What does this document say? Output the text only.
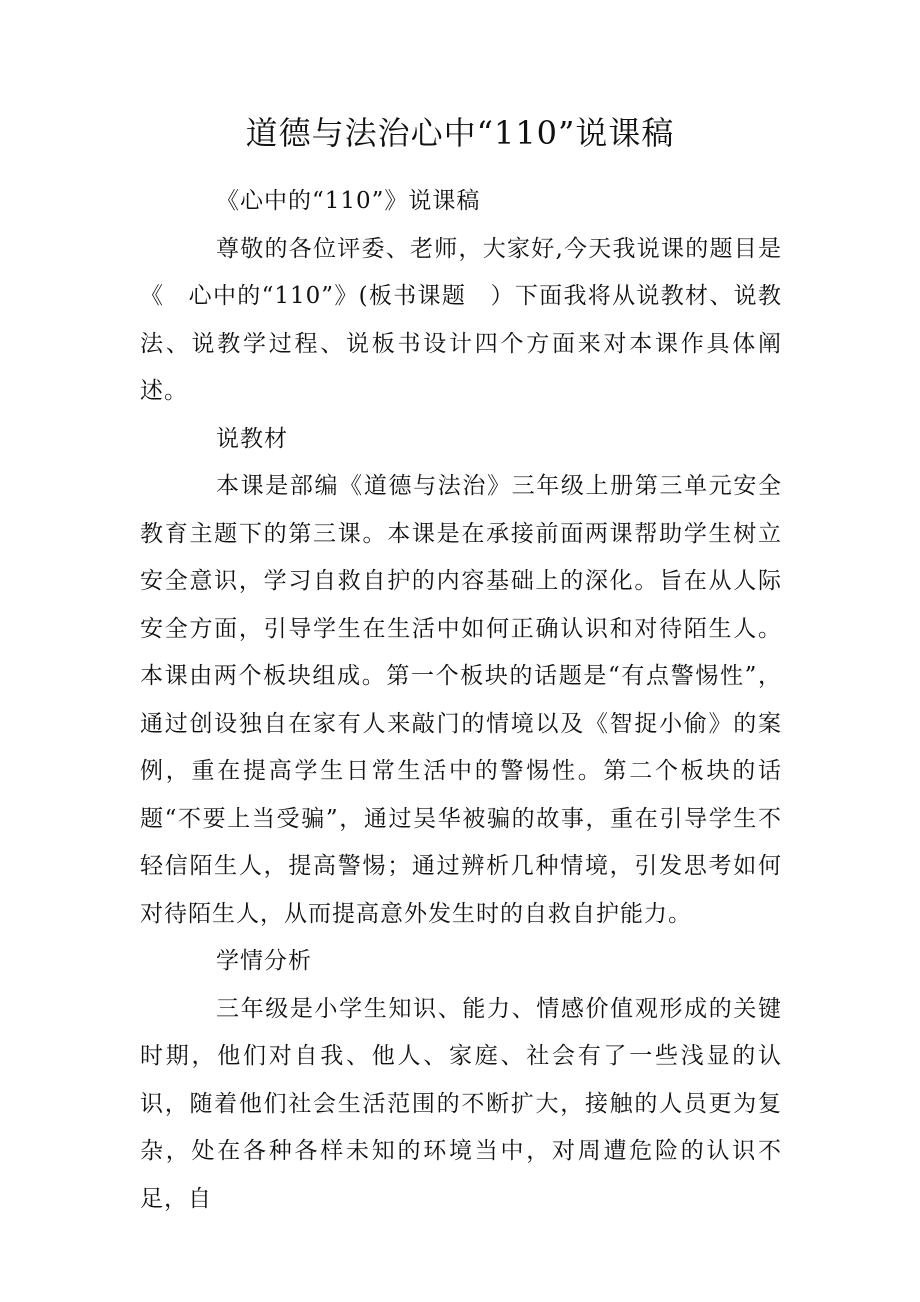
道德与法治心中“110”说课稿

《心中的“110”》说课稿

尊敬的各位评委、老师，大家好,今天我说课的题目是《　心中的“110”》(板书课题　）下面我将从说教材、说教法、说教学过程、说板书设计四个方面来对本课作具体阐述。

说教材

本课是部编《道德与法治》三年级上册第三单元安全教育主题下的第三课。本课是在承接前面两课帮助学生树立安全意识，学习自救自护的内容基础上的深化。旨在从人际安全方面，引导学生在生活中如何正确认识和对待陌生人。本课由两个板块组成。第一个板块的话题是“有点警惕性”，通过创设独自在家有人来敲门的情境以及《智捉小偷》的案例，重在提高学生日常生活中的警惕性。第二个板块的话题“不要上当受骗”，通过吴华被骗的故事，重在引导学生不轻信陌生人，提高警惕；通过辨析几种情境，引发思考如何对待陌生人，从而提高意外发生时的自救自护能力。

学情分析

三年级是小学生知识、能力、情感价值观形成的关键时期，他们对自我、他人、家庭、社会有了一些浅显的认识，随着他们社会生活范围的不断扩大，接触的人员更为复杂，处在各种各样未知的环境当中，对周遭危险的认识不足，自
